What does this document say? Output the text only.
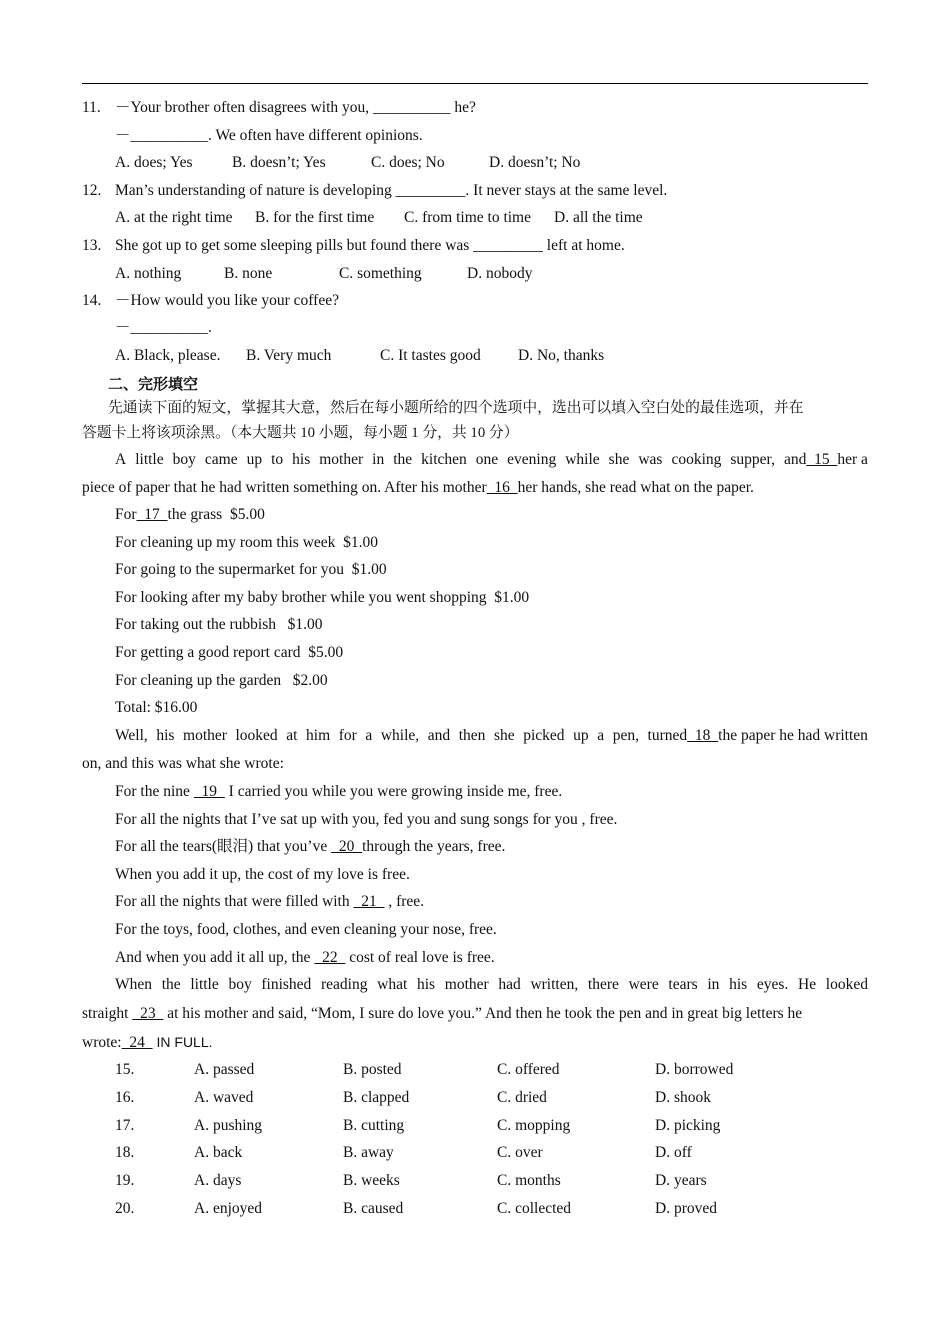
11. －Your brother often disagrees with you, __________ he?
－__________. We often have different opinions.
A. does; Yes	B. doesn’t; Yes	C. does; No	D. doesn’t; No
12. Man’s understanding of nature is developing _________. It never stays at the same level.
A. at the right time B. for the first time C. from time to time D. all the time
13. She got up to get some sleeping pills but found there was _________ left at home.
A. nothing	B. none	C. something	D. nobody
14. －How would you like your coffee?
－__________.
A. Black, please. B. Very much	C. It tastes good D. No, thanks
二、完形填空
先通读下面的短文，掌握其大意，然后在每小题所给的四个选项中，选出可以填入空白处的最佳选项，并在
答题卡上将该项涂黑。（本大题共 10 小题，每小题 1 分，共 10 分）
A little boy came up to his mother in the kitchen one evening while she was cooking supper, and  15  her a
piece of paper that he had written something on. After his mother  16  her hands, she read what on the paper.
For  17  the grass  $5.00
For cleaning up my room this week  $1.00
For going to the supermarket for you  $1.00
For looking after my baby brother while you went shopping  $1.00
For taking out the rubbish   $1.00
For getting a good report card  $5.00
For cleaning up the garden   $2.00
Total: $16.00
Well, his mother looked at him for a while, and then she picked up a pen, turned  18  the paper he had written
on, and this was what she wrote:
For the nine   19   I carried you while you were growing inside me, free.
For all the nights that I’ve sat up with you, fed you and sung songs for you , free.
For all the tears(眼泪) that you’ve   20  through the years, free.
When you add it up, the cost of my love is free.
For all the nights that were filled with   21   , free.
For the toys, food, clothes, and even cleaning your nose, free.
And when you add it all up, the   22   cost of real love is free.
When the little boy finished reading what his mother had written, there were tears in his eyes. He looked
straight   23   at his mother and said, “Mom, I sure do love you.” And then he took the pen and in great big letters he
wrote:  24   IN FULL.
15.	A. passed	B. posted	C. offered	D. borrowed
16.	A. waved	B. clapped	C. dried	D. shook
17.	A. pushing	B. cutting	C. mopping	D. picking
18.	A. back	B. away	C. over	D. off
19.	A. days	B. weeks	C. months	D. years
20.	A. enjoyed	B. caused	C. collected	D. proved
